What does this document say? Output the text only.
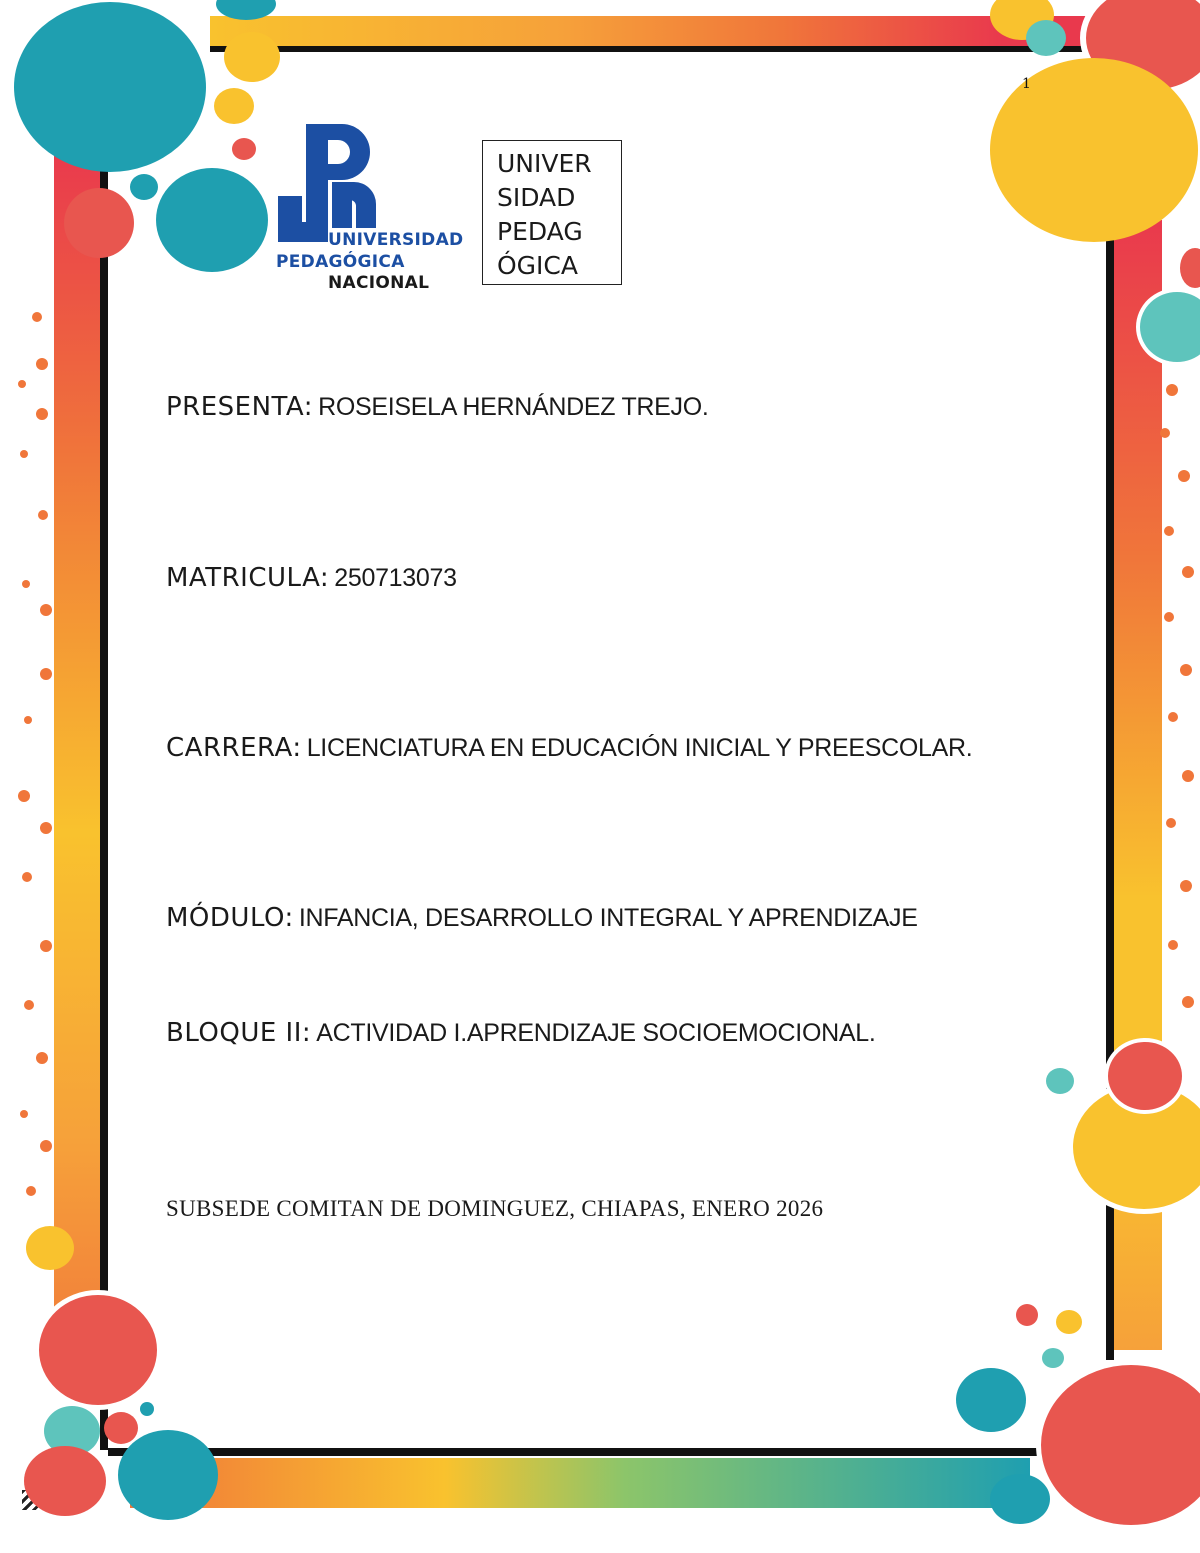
1
UNIVERSIDAD
PEDAGÓGICA
NACIONAL
UNIVER
SIDAD
PEDAG
ÓGICA
PRESENTA: ROSEISELA HERNÁNDEZ TREJO.
MATRICULA: 250713073
CARRERA: LICENCIATURA EN EDUCACIÓN INICIAL Y PREESCOLAR.
MÓDULO: INFANCIA, DESARROLLO INTEGRAL Y APRENDIZAJE
BLOQUE II: ACTIVIDAD I.APRENDIZAJE SOCIOEMOCIONAL.
SUBSEDE COMITAN DE DOMINGUEZ, CHIAPAS, ENERO 2026
